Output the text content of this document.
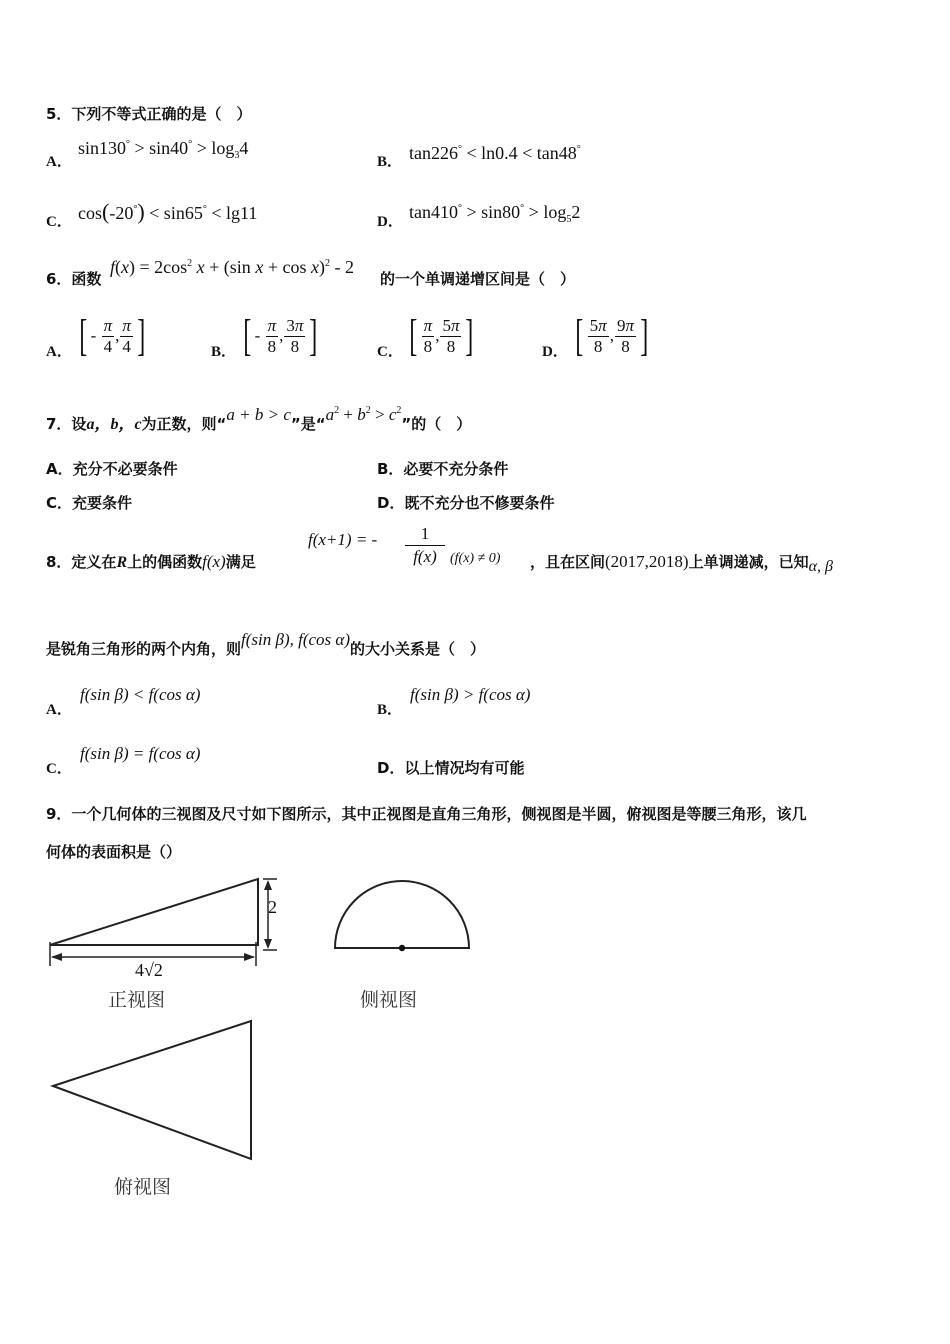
5．下列不等式正确的是（　）
A．
$\sin 130^\circ > \sin 40^\circ > \log_34$
B． tan226° < ln0.4 < tan48°
C． cos(-20°) < sin65° < lg11	D． $\tan 410^\circ > \sin 80^\circ > \log_52$
6．函数
$f(x) = 2\cos^2$ x + (sin x + cos x)$^2$ - 2
的一个单调递增区间是（　）
A． [ - $\frac{\pi}{4}$ , $\frac{\pi}{4}$ ]	B． [ - $\frac{\pi}{8}$ , $\frac{3\pi}{8}$ ]	C． [ $\frac{\pi}{8}$ , $\frac{5\pi}{8}$ ]	D． [ $\frac{5\pi}{8}$ , $\frac{9\pi}{8}$ ]
7．设a，b，c为正数，则“a + b > c”是“$a^2 + b^2 > c^2$”的（　）
A．充分不必要条件	B．必要不充分条件
C．充要条件	D．既不充分也不修要条件
8．定义在R上的偶函数f(x)满足
f(x+1) = -	1
f(x) (f(x) ≠ 0) ，且在区间(2017,2018)上单调递减，已知α, β
是锐角三角形的两个内角，则f(sin β), f(cos α)的大小关系是（　）
A．
f(sin β) < f(cos α)
B．
f(sin β) > f(cos α)
C．
f(sin β) = f(cos α)
D．以上情况均有可能
9．一个几何体的三视图及尺寸如下图所示，其中正视图是直角三角形，侧视图是半圆，俯视图是等腰三角形，该几
何体的表面积是（）
2
4√2
正视图	侧视图
俯视图
